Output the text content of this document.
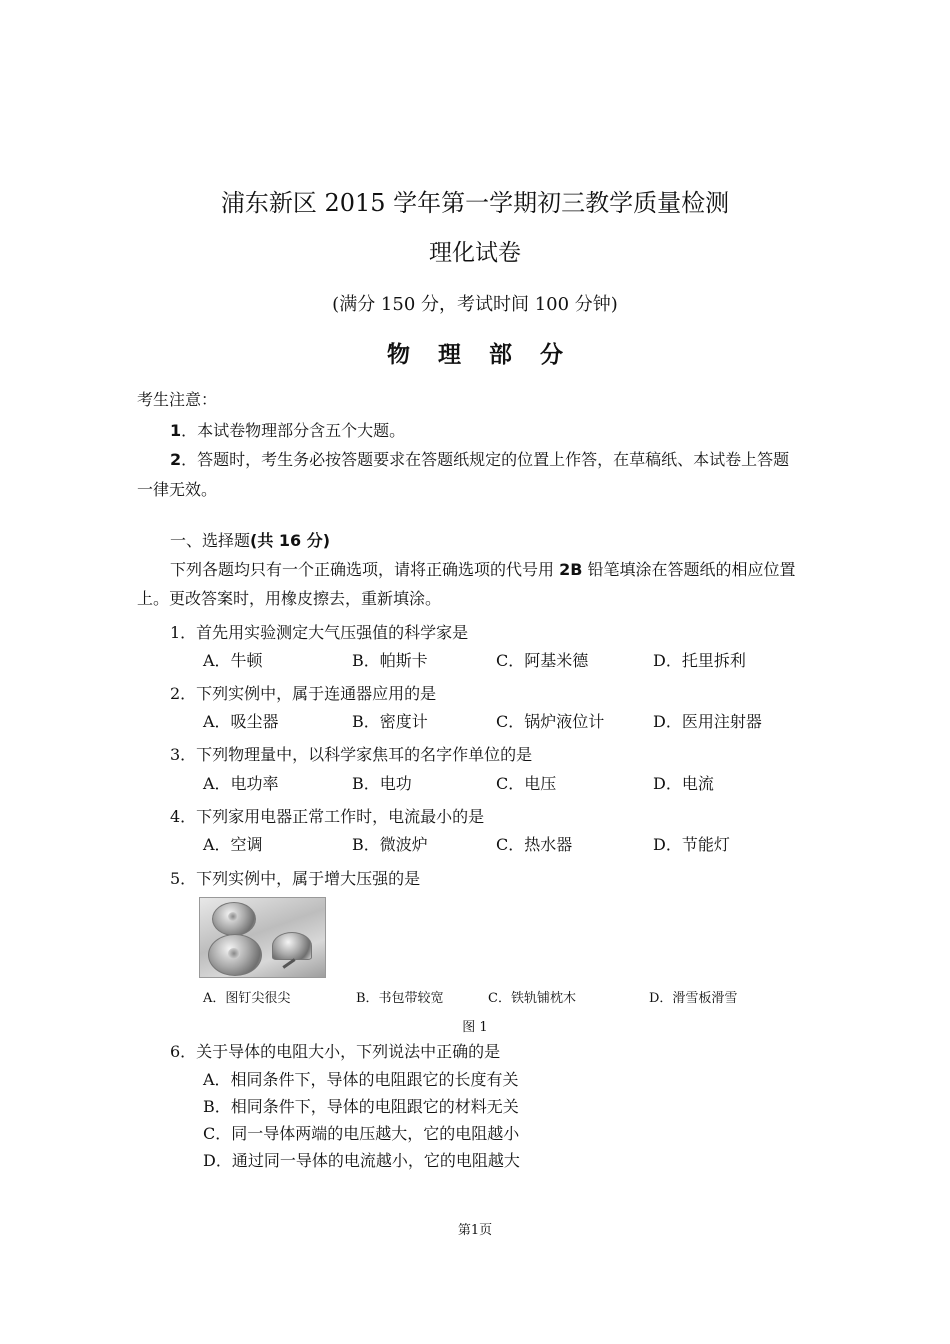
浦东新区 2015 学年第一学期初三教学质量检测
理化试卷
(满分 150 分，考试时间 100 分钟)
物 理 部 分
考生注意：
1．本试卷物理部分含五个大题。
2．答题时，考生务必按答题要求在答题纸规定的位置上作答，在草稿纸、本试卷上答题
一律无效。
一、选择题(共 16 分)
下列各题均只有一个正确选项，请将正确选项的代号用 2B 铅笔填涂在答题纸的相应位置
上。更改答案时，用橡皮擦去，重新填涂。
1．首先用实验测定大气压强值的科学家是
A．牛顿	B．帕斯卡	C．阿基米德	D．托里拆利
2．下列实例中，属于连通器应用的是
A．吸尘器	B．密度计	C．锅炉液位计	D．医用注射器
3．下列物理量中，以科学家焦耳的名字作单位的是
A．电功率	B．电功	C．电压	D．电流
4．下列家用电器正常工作时，电流最小的是
A．空调	B．微波炉	C．热水器	D．节能灯
5．下列实例中，属于增大压强的是
A．图钉尖很尖	B．书包带较宽	C．铁轨铺枕木	D．滑雪板滑雪
图 1
6．关于导体的电阻大小，下列说法中正确的是
A．相同条件下，导体的电阻跟它的长度有关
B．相同条件下，导体的电阻跟它的材料无关
C．同一导体两端的电压越大，它的电阻越小
D．通过同一导体的电流越小，它的电阻越大
第1页
